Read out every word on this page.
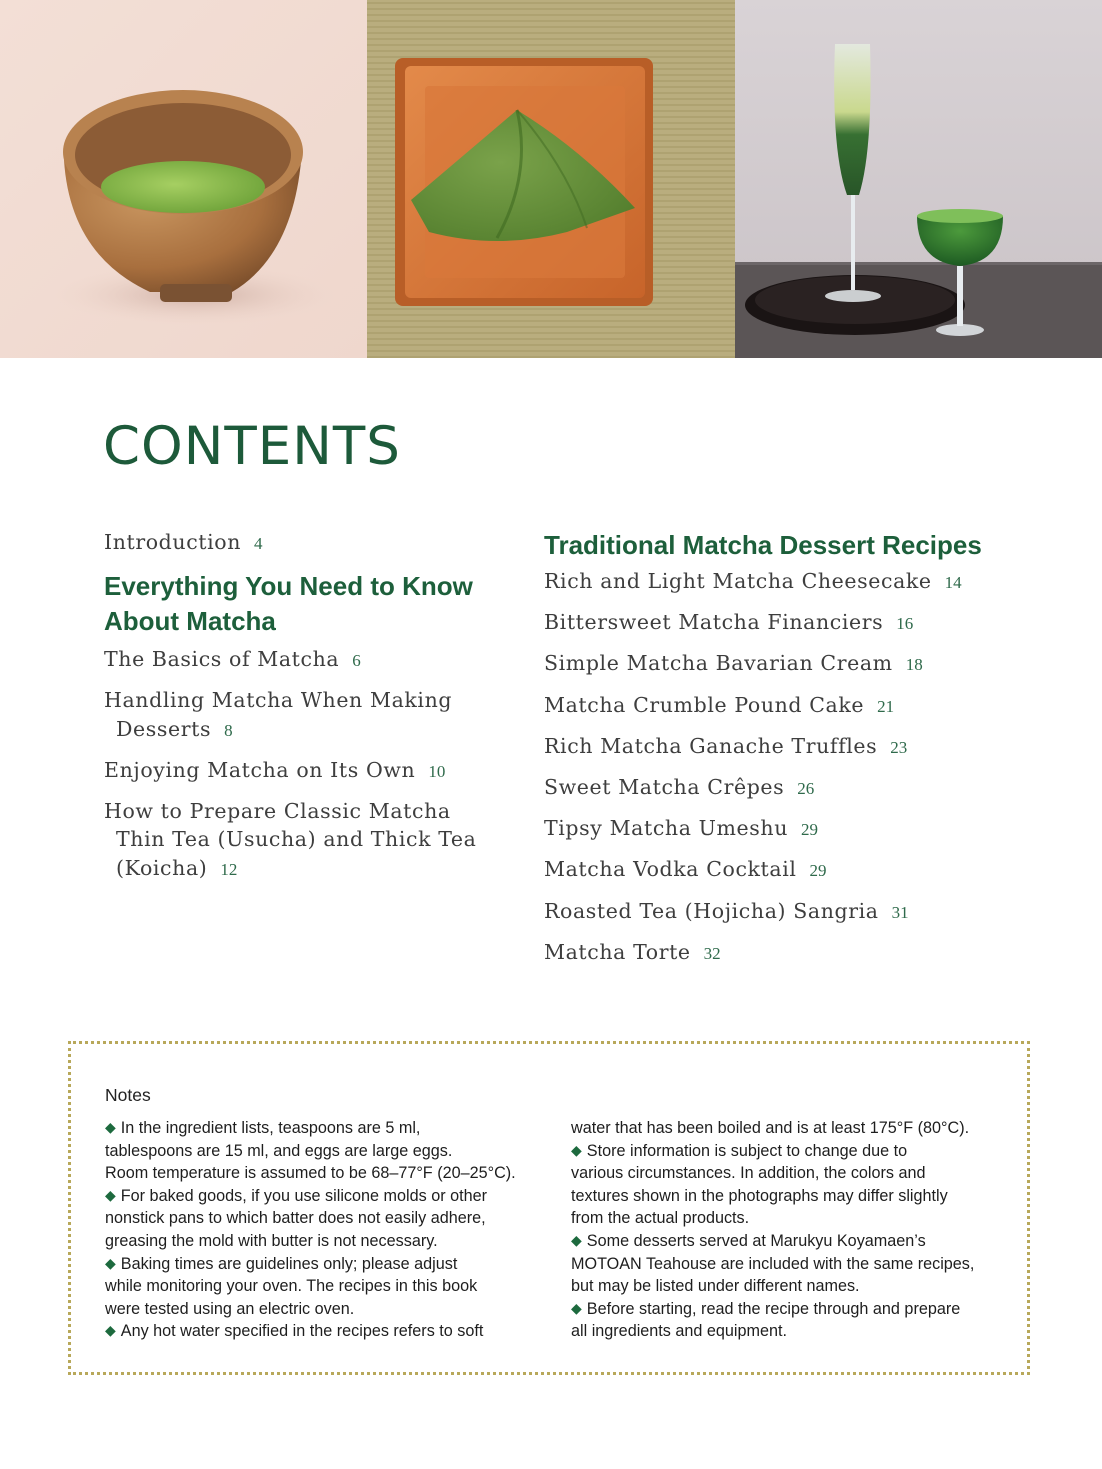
CONTENTS
Introduction 4
Everything You Need to Know
About Matcha
The Basics of Matcha 6
Handling Matcha When Making
Desserts 8
Enjoying Matcha on Its Own 10
How to Prepare Classic Matcha
Thin Tea (Usucha) and Thick Tea
(Koicha) 12
Traditional Matcha Dessert Recipes
Rich and Light Matcha Cheesecake 14
Bittersweet Matcha Financiers 16
Simple Matcha Bavarian Cream 18
Matcha Crumble Pound Cake 21
Rich Matcha Ganache Truffles 23
Sweet Matcha Crêpes 26
Tipsy Matcha Umeshu 29
Matcha Vodka Cocktail 29
Roasted Tea (Hojicha) Sangria 31
Matcha Torte 32
Notes
◆ In the ingredient lists, teaspoons are 5 ml,
tablespoons are 15 ml, and eggs are large eggs.
Room temperature is assumed to be 68–77°F (20–25°C).
◆ For baked goods, if you use silicone molds or other
nonstick pans to which batter does not easily adhere,
greasing the mold with butter is not necessary.
◆ Baking times are guidelines only; please adjust
while monitoring your oven. The recipes in this book
were tested using an electric oven.
◆ Any hot water specified in the recipes refers to soft
water that has been boiled and is at least 175°F (80°C).
◆ Store information is subject to change due to
various circumstances. In addition, the colors and
textures shown in the photographs may differ slightly
from the actual products.
◆ Some desserts served at Marukyu Koyamaen’s
MOTOAN Teahouse are included with the same recipes,
but may be listed under different names.
◆ Before starting, read the recipe through and prepare
all ingredients and equipment.
